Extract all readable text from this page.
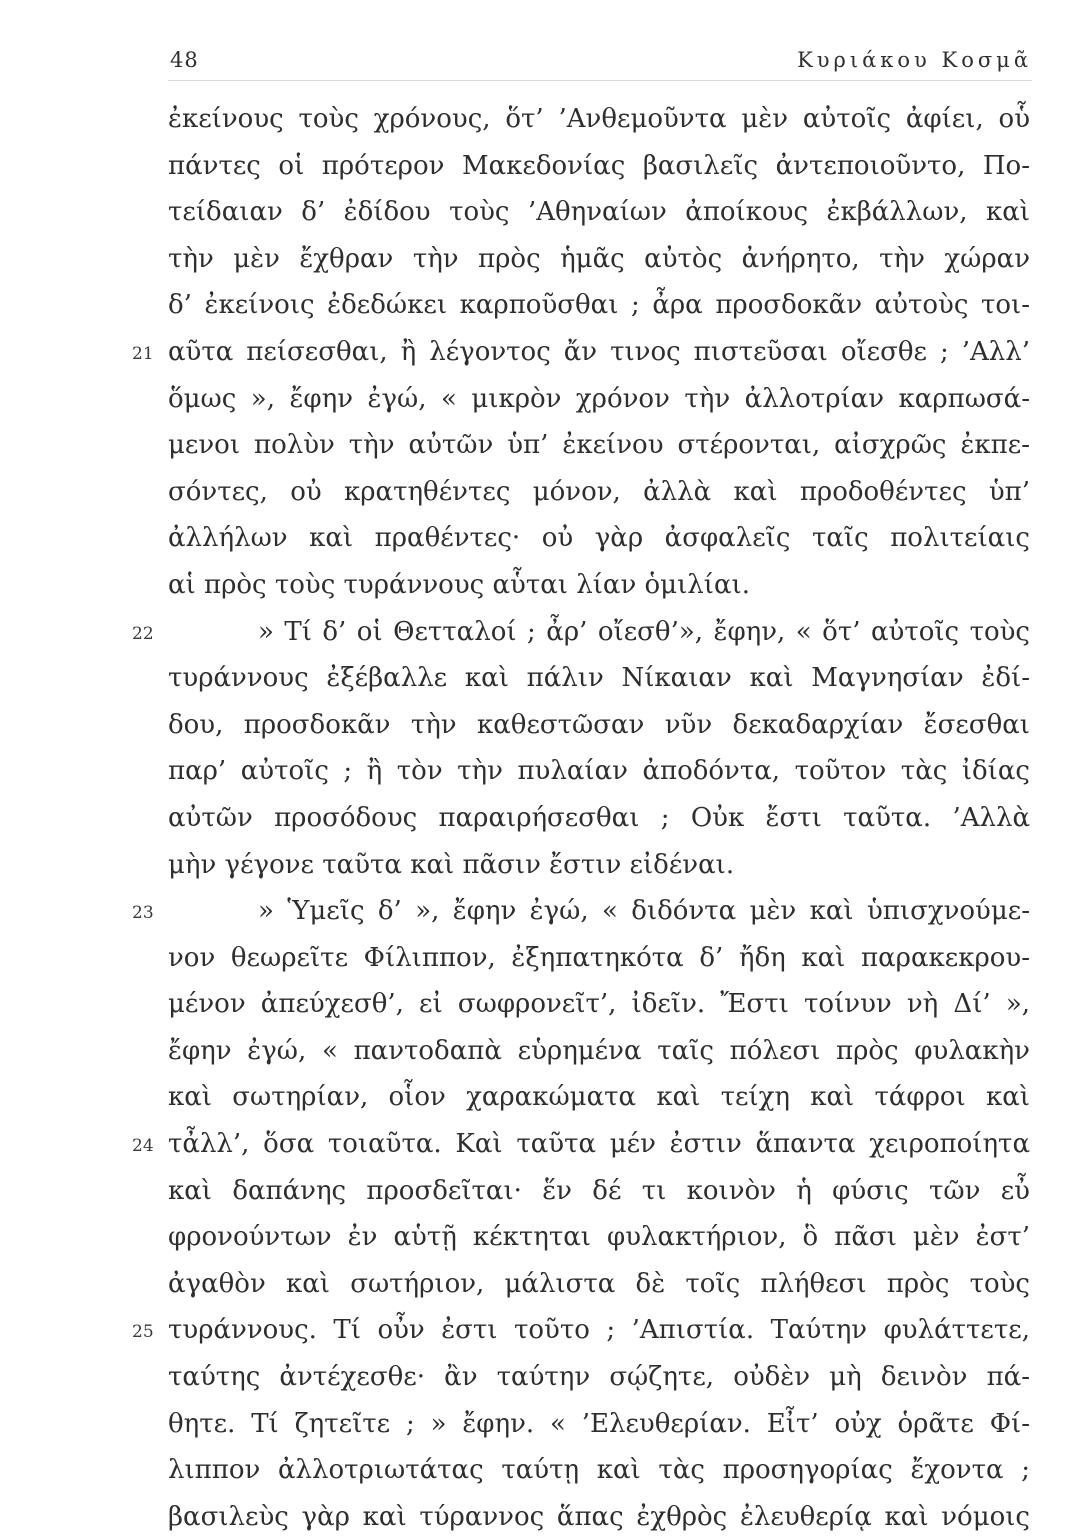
48	Κυριάκου Κοσμᾶ
ἐκείνους τοὺς χρόνους, ὅτ’ ’Ανθεμοῦντα μὲν αὐτοῖς ἀφίει, οὗ
πάντες οἱ πρότερον Μακεδονίας βασιλεῖς ἀντεποιοῦντο, Πο-
τείδαιαν δ’ ἐδίδου τοὺς ’Αθηναίων ἀποίκους ἐκβάλλων, καὶ
τὴν μὲν ἔχθραν τὴν πρὸς ἡμᾶς αὐτὸς ἀνήρητο, τὴν χώραν
δ’ ἐκείνοις ἐδεδώκει καρποῦσθαι ; ἆρα προσδοκᾶν αὐτοὺς τοι-
21 αῦτα πείσεσθαι, ἢ λέγοντος ἄν τινος πιστεῦσαι οἴεσθε ; ’Αλλ’
ὅμως », ἔφην ἐγώ, « μικρὸν χρόνον τὴν ἀλλοτρίαν καρπωσά-
μενοι πολὺν τὴν αὐτῶν ὑπ’ ἐκείνου στέρονται, αἰσχρῶς ἐκπε-
σόντες, οὐ κρατηθέντες μόνον, ἀλλὰ καὶ προδοθέντες ὑπ’
ἀλλήλων καὶ πραθέντες· οὐ γὰρ ἀσφαλεῖς ταῖς πολιτείαις
αἱ πρὸς τοὺς τυράννους αὗται λίαν ὁμιλίαι.
22	» Τί δ’ οἱ Θετταλοί ; ἆρ’ οἴεσθ’», ἔφην, « ὅτ’ αὐτοῖς τοὺς
τυράννους ἐξέβαλλε καὶ πάλιν Νίκαιαν καὶ Μαγνησίαν ἐδί-
δου, προσδοκᾶν τὴν καθεστῶσαν νῦν δεκαδαρχίαν ἔσεσθαι
παρ’ αὐτοῖς ; ἢ τὸν τὴν πυλαίαν ἀποδόντα, τοῦτον τὰς ἰδίας
αὐτῶν προσόδους παραιρήσεσθαι ; Οὐκ ἔστι ταῦτα. ’Αλλὰ
μὴν γέγονε ταῦτα καὶ πᾶσιν ἔστιν εἰδέναι.
23	» Ὑμεῖς δ’ », ἔφην ἐγώ, « διδόντα μὲν καὶ ὑπισχνούμε-
νον θεωρεῖτε Φίλιππον, ἐξηπατηκότα δ’ ἤδη καὶ παρακεκρου-
μένον ἀπεύχεσθ’, εἰ σωφρονεῖτ’, ἰδεῖν. Ἔστι τοίνυν νὴ Δί’ »,
ἔφην ἐγώ, « παντοδαπὰ εὑρημένα ταῖς πόλεσι πρὸς φυλακὴν
καὶ σωτηρίαν, οἷον χαρακώματα καὶ τείχη καὶ τάφροι καὶ
24 τἆλλ’, ὅσα τοιαῦτα. Καὶ ταῦτα μέν ἐστιν ἅπαντα χειροποίητα
καὶ δαπάνης προσδεῖται· ἕν δέ τι κοινὸν ἡ φύσις τῶν εὖ
φρονούντων ἐν αὑτῇ κέκτηται φυλακτήριον, ὃ πᾶσι μὲν ἐστ’
ἀγαθὸν καὶ σωτήριον, μάλιστα δὲ τοῖς πλήθεσι πρὸς τοὺς
25 τυράννους. Τί οὖν ἐστι τοῦτο ; ’Απιστία. Ταύτην φυλάττετε,
ταύτης ἀντέχεσθε· ἂν ταύτην σῴζητε, οὐδὲν μὴ δεινὸν πά-
θητε. Τί ζητεῖτε ; » ἔφην. « ’Ελευθερίαν. Εἶτ’ οὐχ ὁρᾶτε Φί-
λιππον ἀλλοτριωτάτας ταύτῃ καὶ τὰς προσηγορίας ἔχοντα ;
βασιλεὺς γὰρ καὶ τύραννος ἅπας ἐχθρὸς ἐλευθερίᾳ καὶ νόμοις
